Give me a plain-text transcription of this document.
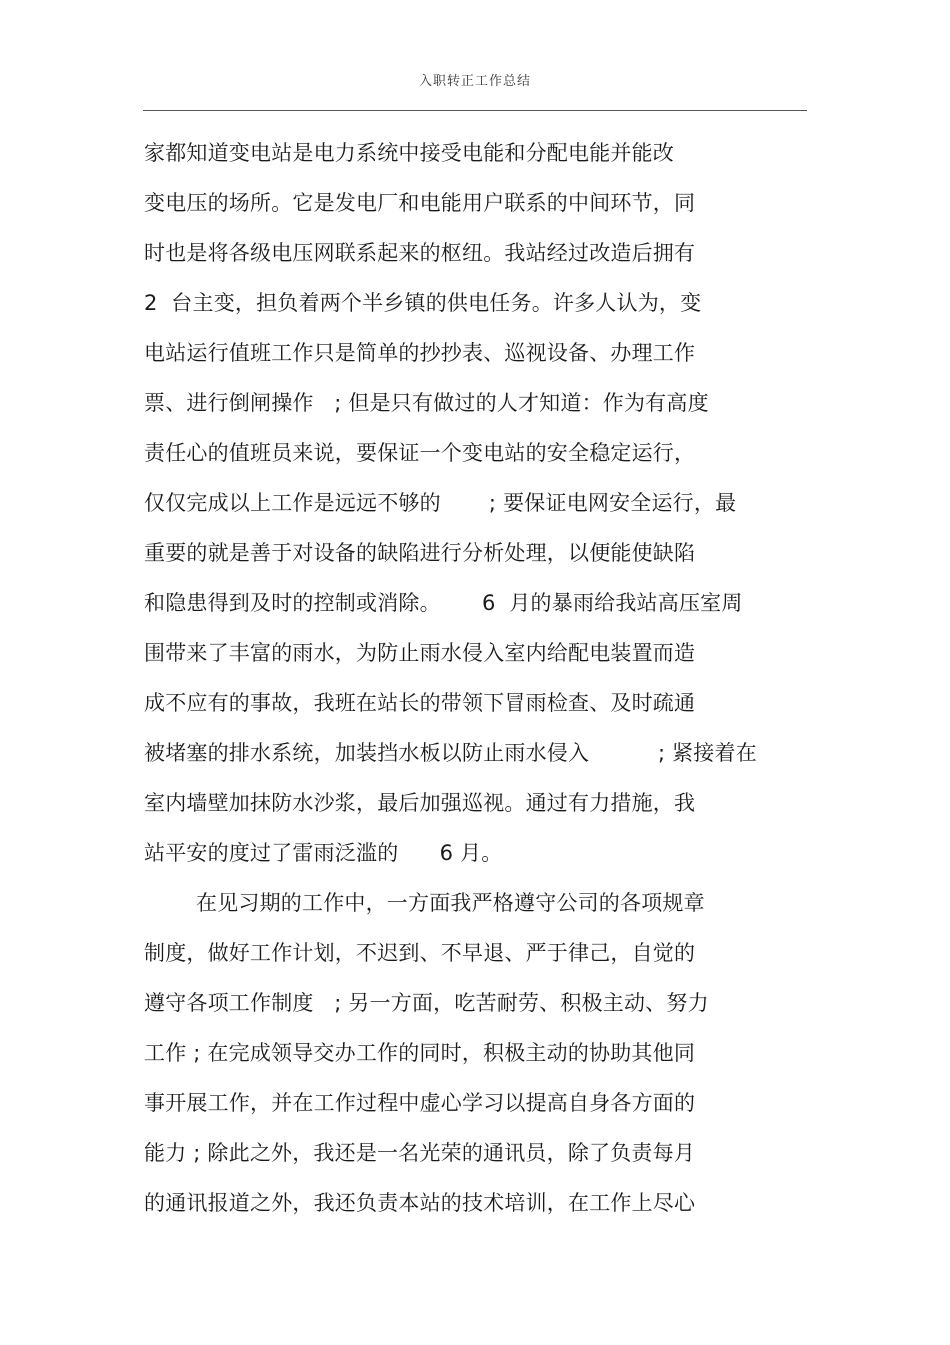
入职转正工作总结
家都知道变电站是电力系统中接受电能和分配电能并能改
变电压的场所。它是发电厂和电能用户联系的中间环节，同
时也是将各级电压网联系起来的枢纽。我站经过改造后拥有
2  台主变，担负着两个半乡镇的供电任务。许多人认为，变
电站运行值班工作只是简单的抄抄表、巡视设备、办理工作
票、进行倒闸操作   ; 但是只有做过的人才知道：作为有高度
责任心的值班员来说，要保证一个变电站的安全稳定运行，
仅仅完成以上工作是远远不够的       ; 要保证电网安全运行，最
重要的就是善于对设备的缺陷进行分析处理，以便能使缺陷
和隐患得到及时的控制或消除。      6  月的暴雨给我站高压室周
围带来了丰富的雨水，为防止雨水侵入室内给配电装置而造
成不应有的事故，我班在站长的带领下冒雨检查、及时疏通
被堵塞的排水系统，加装挡水板以防止雨水侵入          ; 紧接着在
室内墙壁加抹防水沙浆，最后加强巡视。通过有力措施，我
站平安的度过了雷雨泛滥的      6 月。
在见习期的工作中，一方面我严格遵守公司的各项规章
制度，做好工作计划，不迟到、不早退、严于律己，自觉的
遵守各项工作制度   ; 另一方面，吃苦耐劳、积极主动、努力
工作 ; 在完成领导交办工作的同时，积极主动的协助其他同
事开展工作，并在工作过程中虚心学习以提高自身各方面的
能力 ; 除此之外，我还是一名光荣的通讯员，除了负责每月
的通讯报道之外，我还负责本站的技术培训，在工作上尽心
